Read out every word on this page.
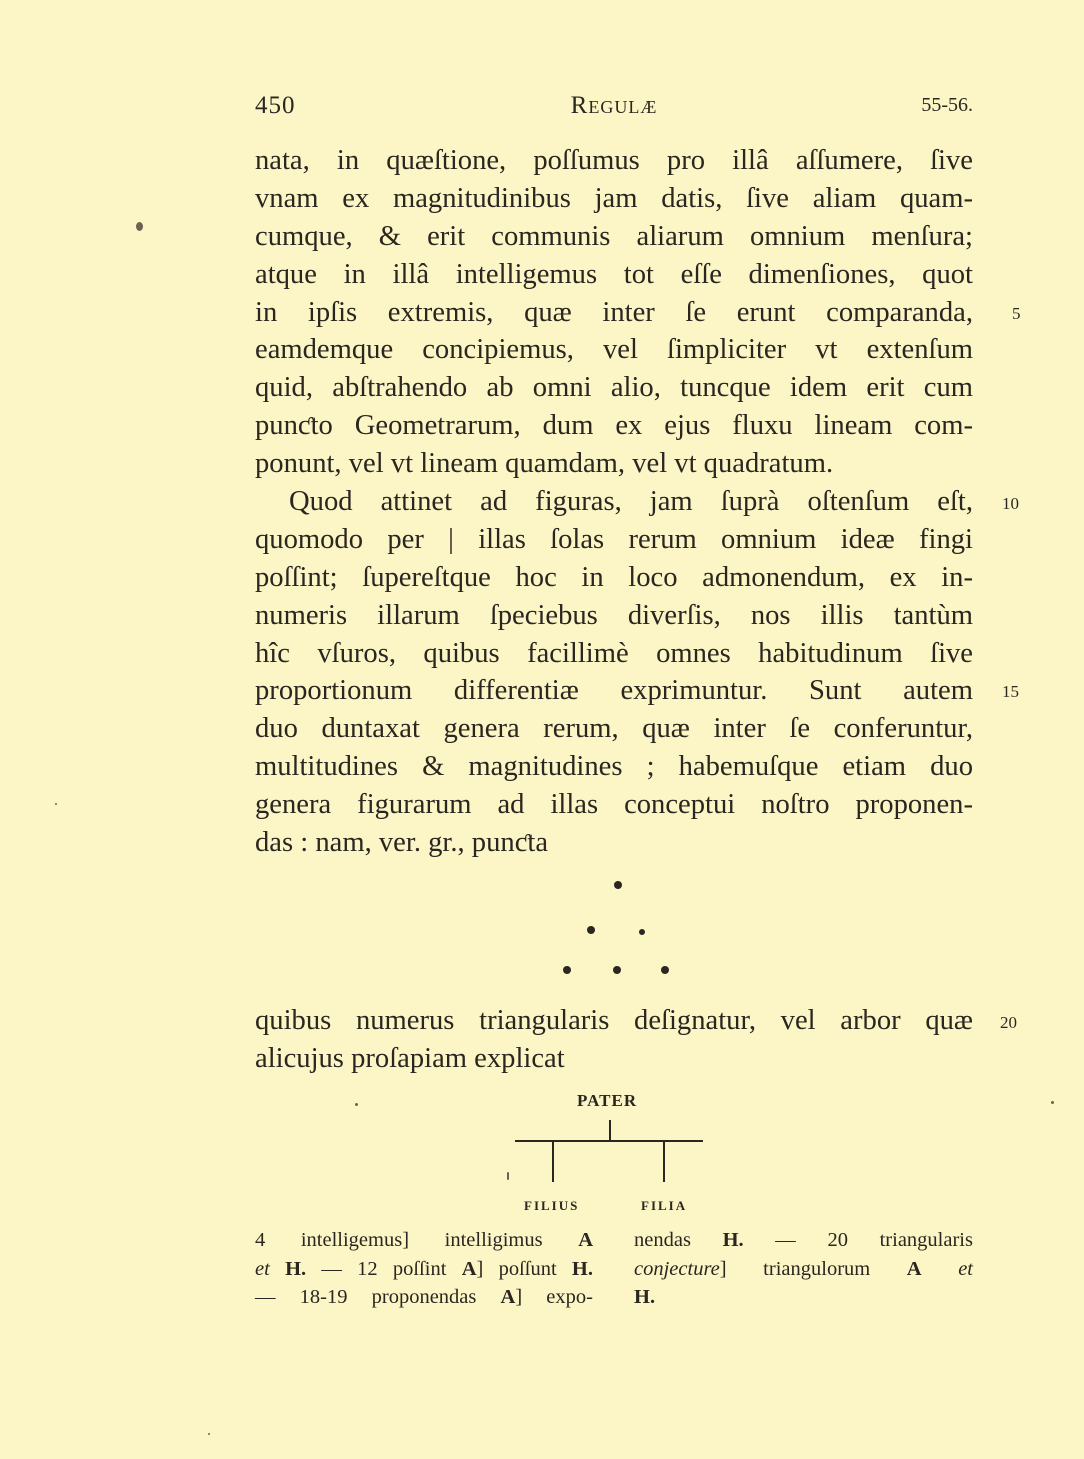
450	Regulæ	55-56.
nata, in quæſtione, poſſumus pro illâ aſſumere, ſive
vnam ex magnitudinibus jam datis, ſive aliam quam-
cumque, & erit communis aliarum omnium menſura;
atque in illâ intelligemus tot eſſe dimenſiones, quot
in ipſis extremis, quæ inter ſe erunt comparanda,
eamdemque concipiemus, vel ſimpliciter vt extenſum
quid, abſtrahendo ab omni alio, tuncque idem erit cum
punƈto Geometrarum, dum ex ejus fluxu lineam com-
ponunt, vel vt lineam quamdam, vel vt quadratum.
Quod attinet ad figuras, jam ſuprà oſtenſum eſt,
quomodo per | illas ſolas rerum omnium ideæ fingi
poſſint; ſupereſtque hoc in loco admonendum, ex in-
numeris illarum ſpeciebus diverſis, nos illis tantùm
hîc vſuros, quibus facillimè omnes habitudinum ſive
proportionum differentiæ exprimuntur. Sunt autem
duo duntaxat genera rerum, quæ inter ſe conferuntur,
multitudines & magnitudines ; habemuſque etiam duo
genera figurarum ad illas conceptui noſtro proponen-
das : nam, ver. gr., punƈta
5
10
15
20
quibus numerus triangularis deſignatur, vel arbor quæ
alicujus proſapiam explicat
PATER
FILIUS	FILIA
4 intelligemus] intelligimus A
et H. — 12 poſſint A] poſſunt H.
— 18-19 proponendas A] expo-
nendas H. — 20 triangularis
conjecture] triangulorum A et
H.
